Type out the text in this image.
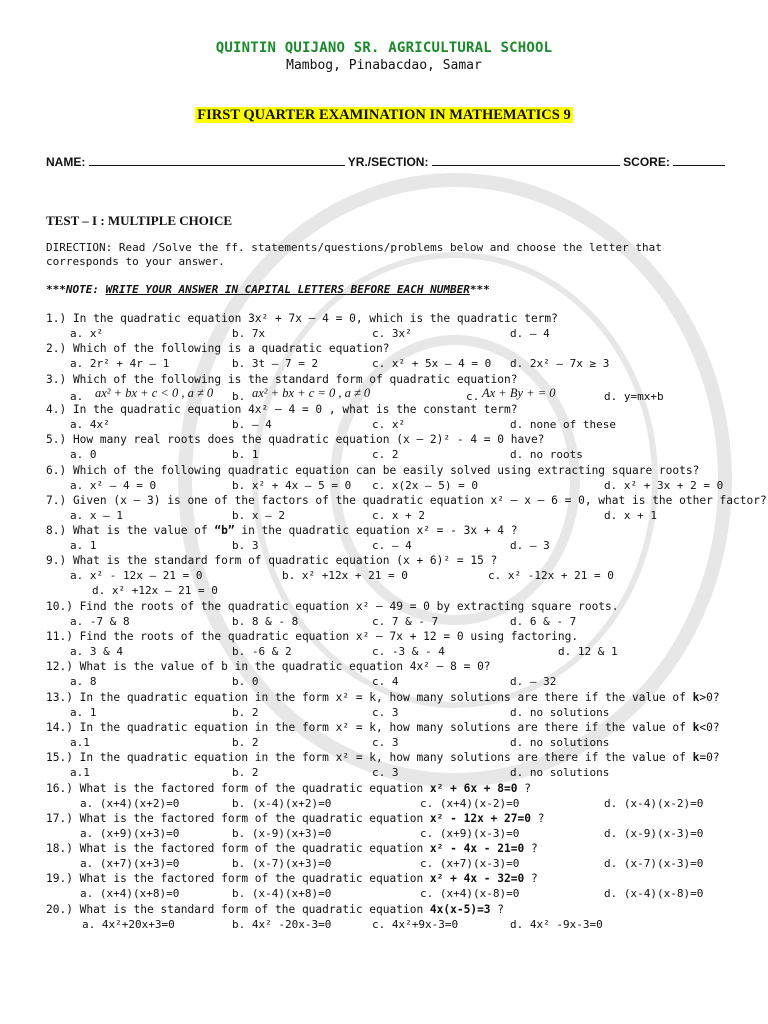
QUINTIN QUIJANO SR. AGRICULTURAL SCHOOL
Mambog, Pinabacdao, Samar
FIRST QUARTER EXAMINATION IN MATHEMATICS 9
NAME:	YR./SECTION:	SCORE:
TEST – I : MULTIPLE CHOICE
DIRECTION: Read /Solve the ff. statements/questions/problems below and choose the letter that
corresponds to your answer.
***NOTE: WRITE YOUR ANSWER IN CAPITAL LETTERS BEFORE EACH NUMBER***
1.) In the quadratic equation 3x² + 7x – 4 = 0, which is the quadratic term?
a. x²	b. 7x	c. 3x²	d. – 4
2.) Which of the following is a quadratic equation?
a. 2r² + 4r – 1	b. 3t – 7 = 2	c. x² + 5x – 4 = 0 d. 2x² – 7x ≥ 3
3.) Which of the following is the standard form of quadratic equation?
a. ax² + bx + c < 0 , a ≠ 0 b. ax² + bx + c = 0 , a ≠ 0	c. Ax + By + = 0	d. y=mx+b
4.) In the quadratic equation 4x² – 4 = 0 , what is the constant term?
a. 4x²	b. – 4	c. x²	d. none of these
5.) How many real roots does the quadratic equation (x – 2)² - 4 = 0 have?
a. 0	b. 1	c. 2	d. no roots
6.) Which of the following quadratic equation can be easily solved using extracting square roots?
a. x² – 4 = 0	b. x² + 4x – 5 = 0 c. x(2x – 5) = 0	d. x² + 3x + 2 = 0
7.) Given (x – 3) is one of the factors of the quadratic equation x² – x – 6 = 0, what is the other factor?
a. x – 1	b. x – 2	c. x + 2	d. x + 1
8.) What is the value of “b” in the quadratic equation x² = - 3x + 4 ?
a. 1	b. 3	c. – 4	d. – 3
9.) What is the standard form of quadratic equation (x + 6)² = 15 ?
a. x² - 12x – 21 = 0	b. x² +12x + 21 = 0	c. x² -12x + 21 = 0
d. x² +12x – 21 = 0
10.) Find the roots of the quadratic equation x² – 49 = 0 by extracting square roots.
a. -7 & 8	b. 8 & - 8	c. 7 & - 7	d. 6 & - 7
11.) Find the roots of the quadratic equation x² – 7x + 12 = 0 using factoring.
a. 3 & 4	b. -6 & 2	c. -3 & - 4	d. 12 & 1
12.) What is the value of b in the quadratic equation 4x² – 8 = 0?
a. 8	b. 0	c. 4	d. – 32
13.) In the quadratic equation in the form x² = k, how many solutions are there if the value of k>0?
a. 1	b. 2	c. 3	d. no solutions
14.) In the quadratic equation in the form x² = k, how many solutions are there if the value of k<0?
a.1	b. 2	c. 3	d. no solutions
15.) In the quadratic equation in the form x² = k, how many solutions are there if the value of k=0?
a.1	b. 2	c. 3	d. no solutions
16.) What is the factored form of the quadratic equation x² + 6x + 8=0 ?
a. (x+4)(x+2)=0	b. (x-4)(x+2)=0	c. (x+4)(x-2)=0	d. (x-4)(x-2)=0
17.) What is the factored form of the quadratic equation x² - 12x + 27=0 ?
a. (x+9)(x+3)=0	b. (x-9)(x+3)=0	c. (x+9)(x-3)=0	d. (x-9)(x-3)=0
18.) What is the factored form of the quadratic equation x² - 4x - 21=0 ?
a. (x+7)(x+3)=0	b. (x-7)(x+3)=0	c. (x+7)(x-3)=0	d. (x-7)(x-3)=0
19.) What is the factored form of the quadratic equation x² + 4x - 32=0 ?
a. (x+4)(x+8)=0	b. (x-4)(x+8)=0	c. (x+4)(x-8)=0	d. (x-4)(x-8)=0
20.) What is the standard form of the quadratic equation 4x(x-5)=3 ?
a. 4x²+20x+3=0	b. 4x² -20x-3=0	c. 4x²+9x-3=0	d. 4x² -9x-3=0
